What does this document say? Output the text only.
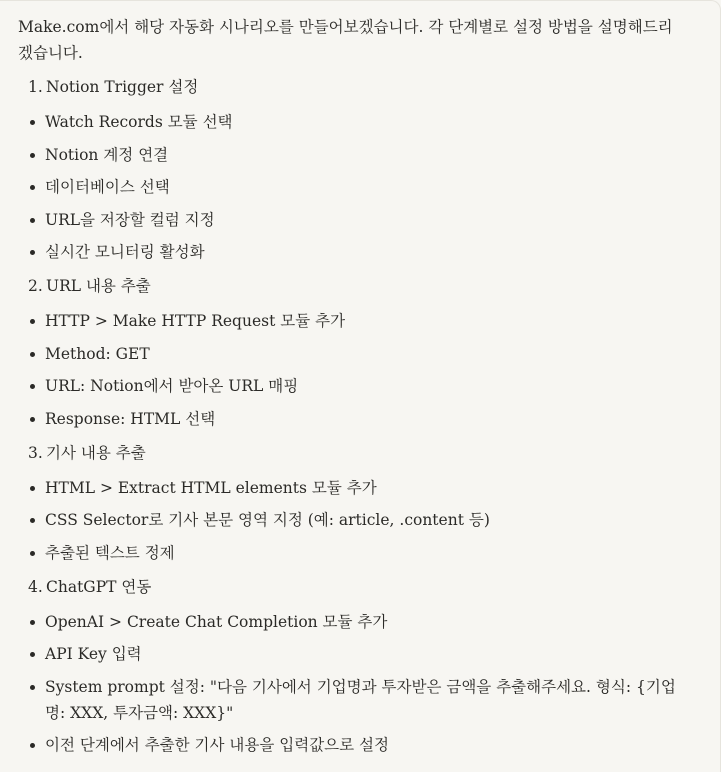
Make.com에서 해당 자동화 시나리오를 만들어보겠습니다. 각 단계별로 설정 방법을 설명해드리겠습니다.

1. Notion Trigger 설정
Watch Records 모듈 선택
Notion 계정 연결
데이터베이스 선택
URL을 저장할 컬럼 지정
실시간 모니터링 활성화
2. URL 내용 추출
HTTP > Make HTTP Request 모듈 추가
Method: GET
URL: Notion에서 받아온 URL 매핑
Response: HTML 선택
3. 기사 내용 추출
HTML > Extract HTML elements 모듈 추가
CSS Selector로 기사 본문 영역 지정 (예: article, .content 등)
추출된 텍스트 정제
4. ChatGPT 연동
OpenAI > Create Chat Completion 모듈 추가
API Key 입력
System prompt 설정: "다음 기사에서 기업명과 투자받은 금액을 추출해주세요. 형식: {기업명: XXX, 투자금액: XXX}"
이전 단계에서 추출한 기사 내용을 입력값으로 설정
